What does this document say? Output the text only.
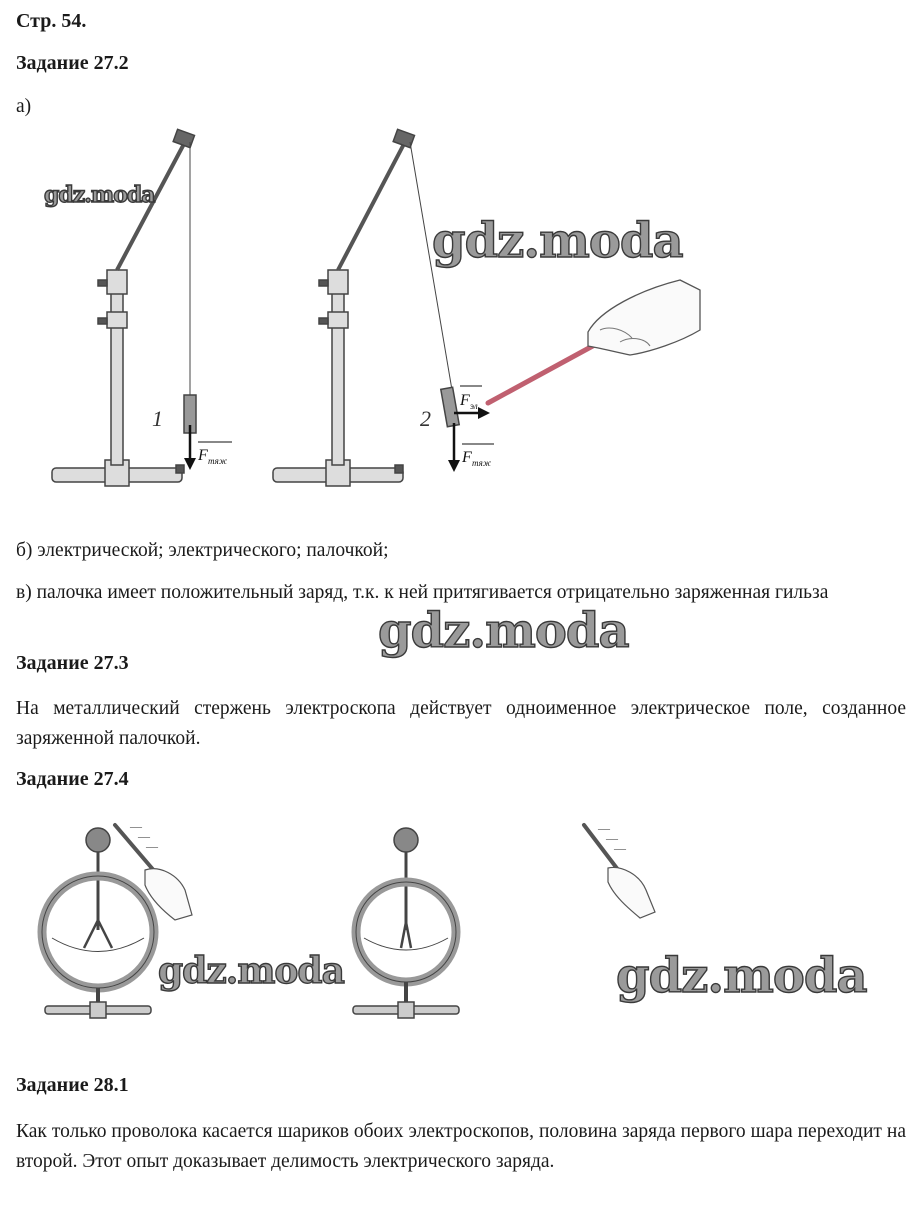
Стр. 54.
Задание 27.2
а)
1
F тяж
2
F эл
F тяж
gdz.moda
gdz.moda
б) электрической; электрического; палочкой;
в) палочка имеет положительный заряд, т.к. к ней притягивается отрицательно заряженная гильза
gdz.moda
Задание 27.3
На металлический стержень электроскопа действует одноименное электрическое поле, созданное заряженной палочкой.
Задание 27.4
—
—
—
—
—
—
gdz.moda	gdz.moda
Задание 28.1
Как только проволока касается шариков обоих электроскопов, половина заряда первого шара переходит на второй. Этот опыт доказывает делимость электрического заряда.
